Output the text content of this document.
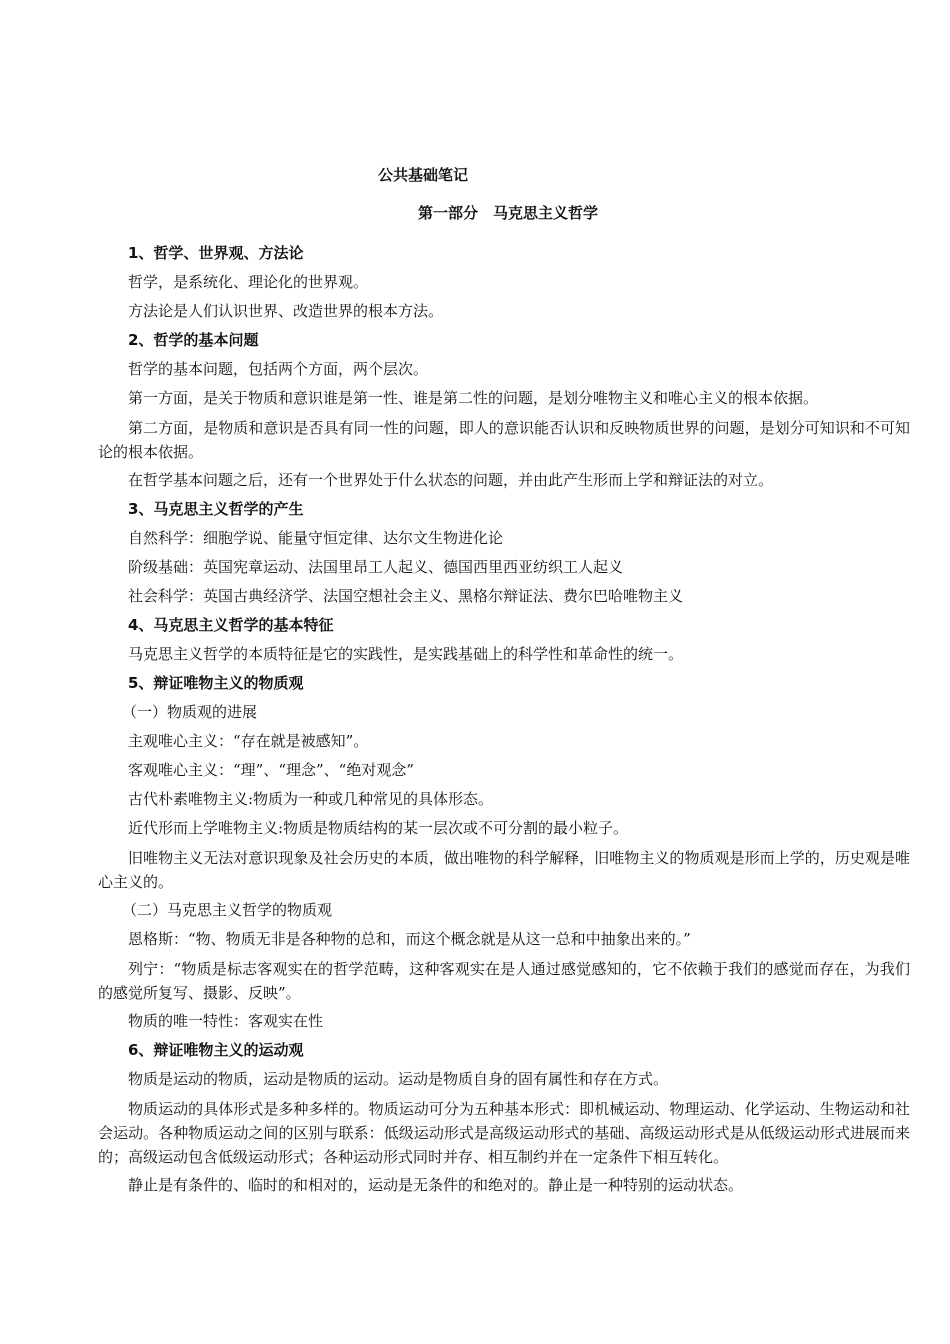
公共基础笔记
第一部分　马克思主义哲学

1、哲学、世界观、方法论

哲学，是系统化、理论化的世界观。

方法论是人们认识世界、改造世界的根本方法。

2、哲学的基本问题

哲学的基本问题，包括两个方面，两个层次。

第一方面，是关于物质和意识谁是第一性、谁是第二性的问题，是划分唯物主义和唯心主义的根本依据。

第二方面，是物质和意识是否具有同一性的问题，即人的意识能否认识和反映物质世界的问题，是划分可知识和不可知论的根本依据。

在哲学基本问题之后，还有一个世界处于什么状态的问题，并由此产生形而上学和辩证法的对立。

3、马克思主义哲学的产生

自然科学：细胞学说、能量守恒定律、达尔文生物进化论

阶级基础：英国宪章运动、法国里昂工人起义、德国西里西亚纺织工人起义

社会科学：英国古典经济学、法国空想社会主义、黑格尔辩证法、费尔巴哈唯物主义

4、马克思主义哲学的基本特征

马克思主义哲学的本质特征是它的实践性，是实践基础上的科学性和革命性的统一。

5、辩证唯物主义的物质观

（一）物质观的进展

主观唯心主义：“存在就是被感知”。

客观唯心主义：“理”、“理念”、“绝对观念”

古代朴素唯物主义:物质为一种或几种常见的具体形态。

近代形而上学唯物主义:物质是物质结构的某一层次或不可分割的最小粒子。

旧唯物主义无法对意识现象及社会历史的本质，做出唯物的科学解释，旧唯物主义的物质观是形而上学的，历史观是唯心主义的。

（二）马克思主义哲学的物质观

恩格斯：“物、物质无非是各种物的总和，而这个概念就是从这一总和中抽象出来的。”

列宁：“物质是标志客观实在的哲学范畴，这种客观实在是人通过感觉感知的，它不依赖于我们的感觉而存在，为我们的感觉所复写、摄影、反映”。

物质的唯一特性：客观实在性

6、辩证唯物主义的运动观

物质是运动的物质，运动是物质的运动。运动是物质自身的固有属性和存在方式。

物质运动的具体形式是多种多样的。物质运动可分为五种基本形式：即机械运动、物理运动、化学运动、生物运动和社会运动。各种物质运动之间的区别与联系：低级运动形式是高级运动形式的基础、高级运动形式是从低级运动形式进展而来的；高级运动包含低级运动形式；各种运动形式同时并存、相互制约并在一定条件下相互转化。

静止是有条件的、临时的和相对的，运动是无条件的和绝对的。静止是一种特别的运动状态。
